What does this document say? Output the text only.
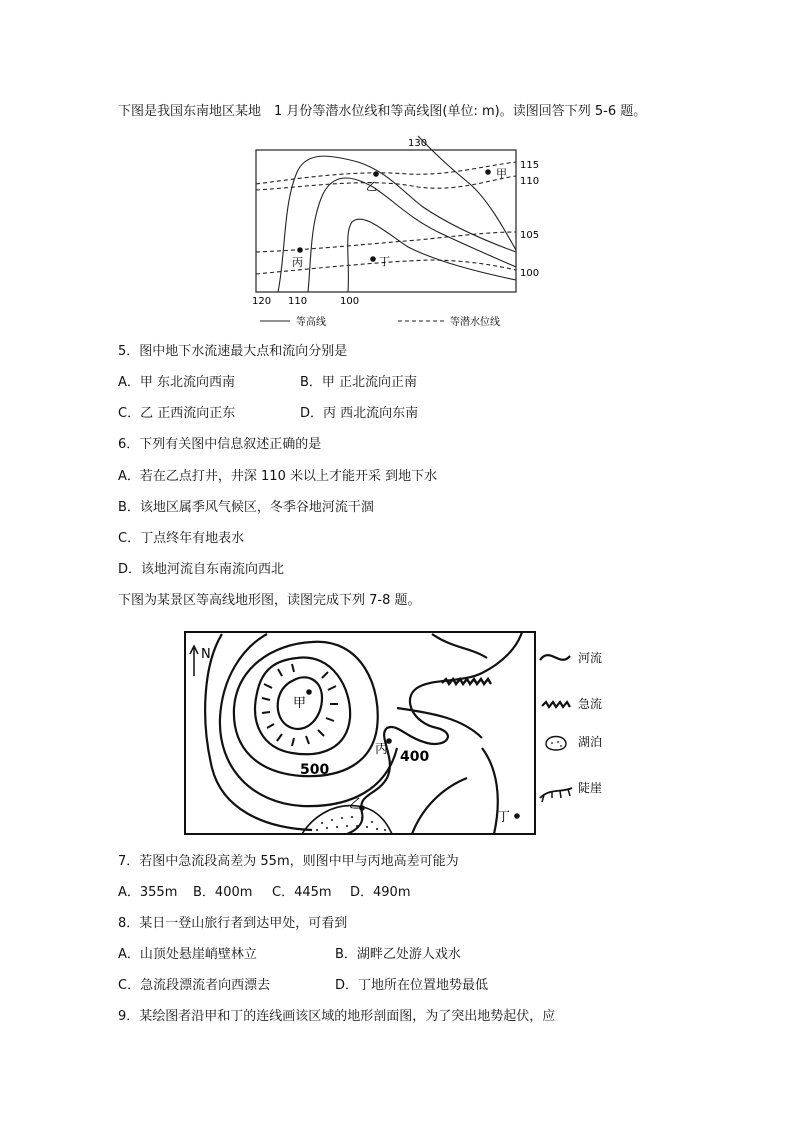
下图是我国东南地区某地　1 月份等潜水位线和等高线图(单位: m)。读图回答下列 5-6 题。
130
115
110
105
100
120 110	100
甲
乙
丙	丁
等高线	等潜水位线
5．图中地下水流速最大点和流向分别是
A．甲 东北流向西南	B．甲 正北流向正南
C．乙 正西流向正东	D．丙 西北流向东南
6．下列有关图中信息叙述正确的是
A．若在乙点打井，井深 110 米以上才能开采 到地下水
B．该地区属季风气候区，冬季谷地河流干涸
C．丁点终年有地表水
D．该地河流自东南流向西北
下图为某景区等高线地形图，读图完成下列 7-8 题。
N
甲
400
500
丙
乙
丁
河流
急流
湖泊
陡崖
7．若图中急流段高差为 55m，则图中甲与丙地高差可能为
A．355m B．400m C．445m D．490m
8．某日一登山旅行者到达甲处，可看到
A．山顶处悬崖峭壁林立	B．湖畔乙处游人戏水
C．急流段漂流者向西漂去	D．丁地所在位置地势最低
9．某绘图者沿甲和丁的连线画该区域的地形剖面图，为了突出地势起伏，应
